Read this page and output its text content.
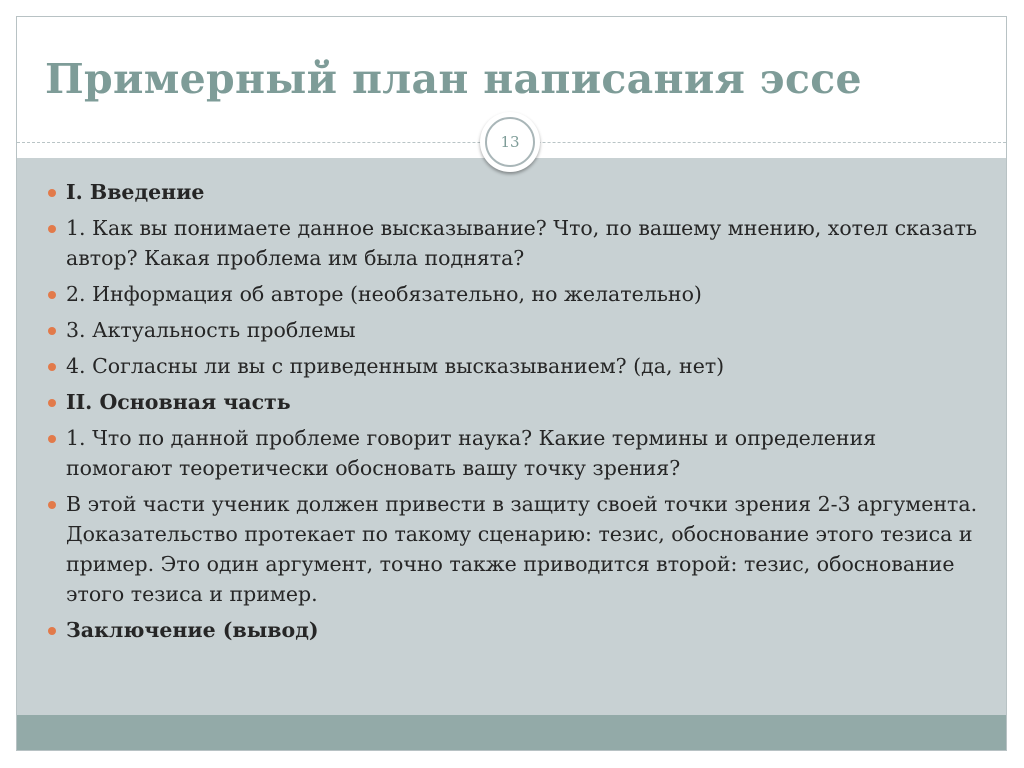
Примерный план написания эссе
13
I. Введение
1. Как вы понимаете данное высказывание? Что, по вашему мнению, хотел сказать автор? Какая проблема им была поднята?
2. Информация об авторе (необязательно, но желательно)
3. Актуальность проблемы
4. Согласны ли вы с приведенным высказыванием? (да, нет)
II. Основная часть
1. Что по данной проблеме говорит наука? Какие термины и определения помогают теоретически обосновать вашу точку зрения?
В этой части ученик должен привести в защиту своей точки зрения 2-3 аргумента. Доказательство протекает по такому сценарию: тезис, обоснование этого тезиса и пример. Это один аргумент, точно также приводится второй: тезис, обоснование этого тезиса и пример.
Заключение (вывод)
